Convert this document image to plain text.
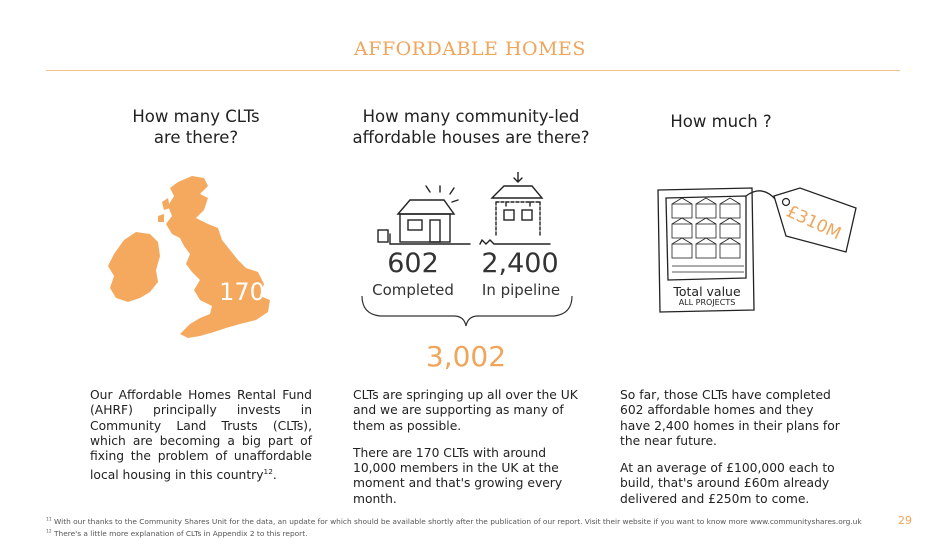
AFFORDABLE HOMES
How many CLTs
are there?
170
Our Affordable Homes Rental Fund (AHRF) principally invests in Community Land Trusts (CLTs), which are becoming a big part of fixing the problem of unaffordable local housing in this country$^{12}$.
How many community-led
affordable houses are there?
602	2,400
Completed	In pipeline
3,002
CLTs are springing up all over the UK and we are supporting as many of them as possible.
There are 170 CLTs with around 10,000 members in the UK at the moment and that's growing every month.
How much ?
£310M
Total value
ALL PROJECTS
So far, those CLTs have completed 602 affordable homes and they have 2,400 homes in their plans for the near future.
At an average of £100,000 each to build, that's around £60m already delivered and £250m to come.
$^{11}$ With our thanks to the Community Shares Unit for the data, an update for which should be available shortly after the publication of our report. Visit their website if you want to know more www.communityshares.org.uk
$^{12}$ There's a little more explanation of CLTs in Appendix 2 to this report.
29
